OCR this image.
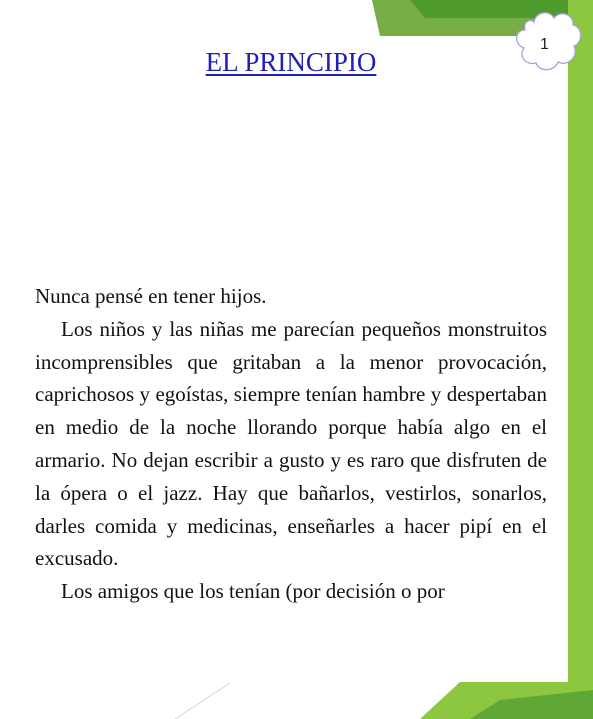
EL PRINCIPIO
1

Nunca pensé en tener hijos.

Los niños y las niñas me parecían pequeños monstruitos incomprensibles que gritaban a la menor provocación, caprichosos y egoístas, siempre tenían hambre y despertaban en medio de la noche llorando porque había algo en el armario. No dejan escribir a gusto y es raro que disfruten de la ópera o el jazz. Hay que bañarlos, vestirlos, sonarlos, darles comida y medicinas, enseñarles a hacer pipí en el excusado.

Los amigos que los tenían (por decisión o por
